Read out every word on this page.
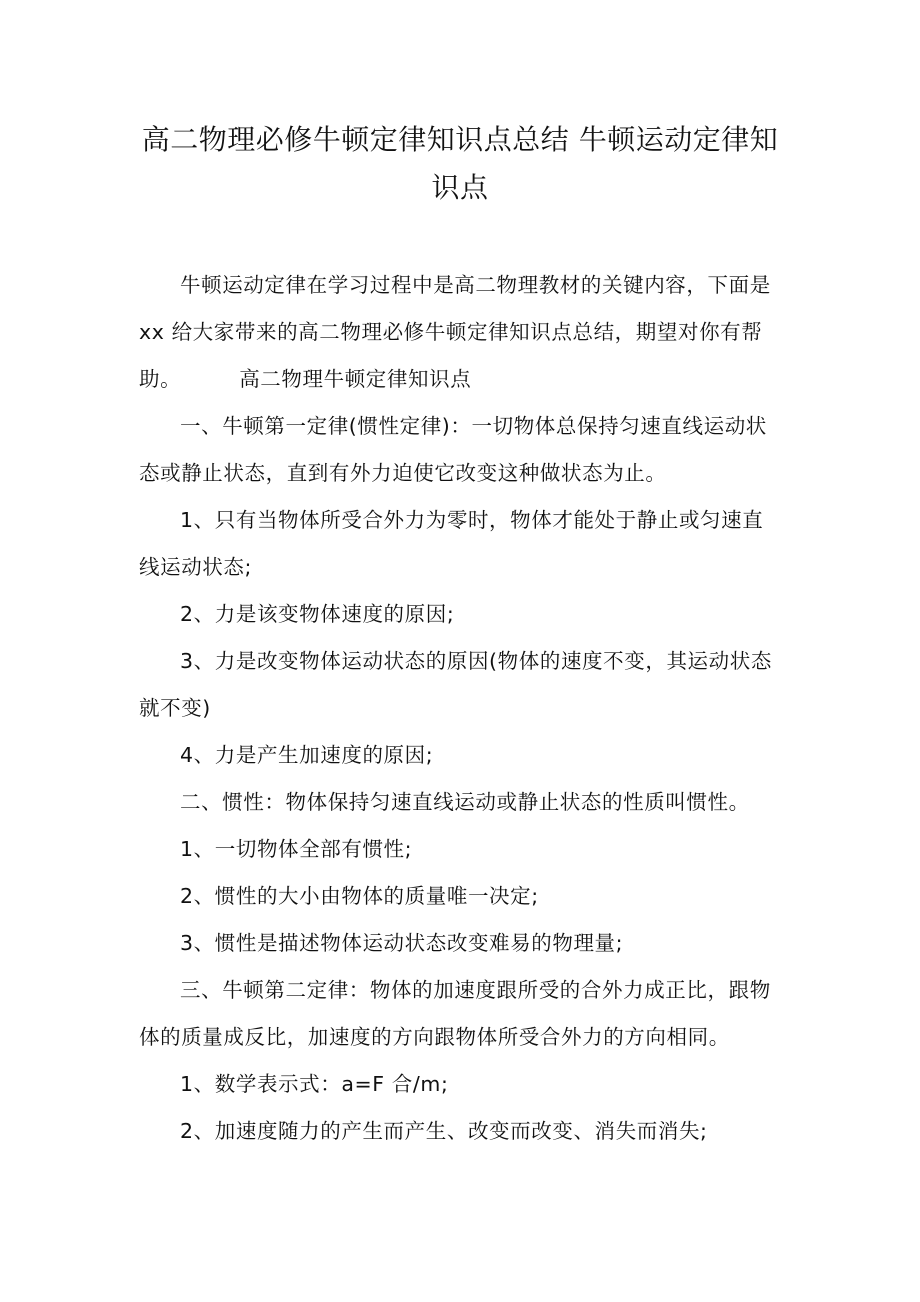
高二物理必修牛顿定律知识点总结 牛顿运动定律知
识点
牛顿运动定律在学习过程中是高二物理教材的关键内容，下面是
xx 给大家带来的高二物理必修牛顿定律知识点总结，期望对你有帮
助。	高二物理牛顿定律知识点
一、牛顿第一定律(惯性定律)：一切物体总保持匀速直线运动状
态或静止状态，直到有外力迫使它改变这种做状态为止。
1、只有当物体所受合外力为零时，物体才能处于静止或匀速直
线运动状态;
2、力是该变物体速度的原因;
3、力是改变物体运动状态的原因(物体的速度不变，其运动状态
就不变)
4、力是产生加速度的原因;
二、惯性：物体保持匀速直线运动或静止状态的性质叫惯性。
1、一切物体全部有惯性;
2、惯性的大小由物体的质量唯一决定;
3、惯性是描述物体运动状态改变难易的物理量;
三、牛顿第二定律：物体的加速度跟所受的合外力成正比，跟物
体的质量成反比，加速度的方向跟物体所受合外力的方向相同。
1、数学表示式：a=F 合/m;
2、加速度随力的产生而产生、改变而改变、消失而消失;
